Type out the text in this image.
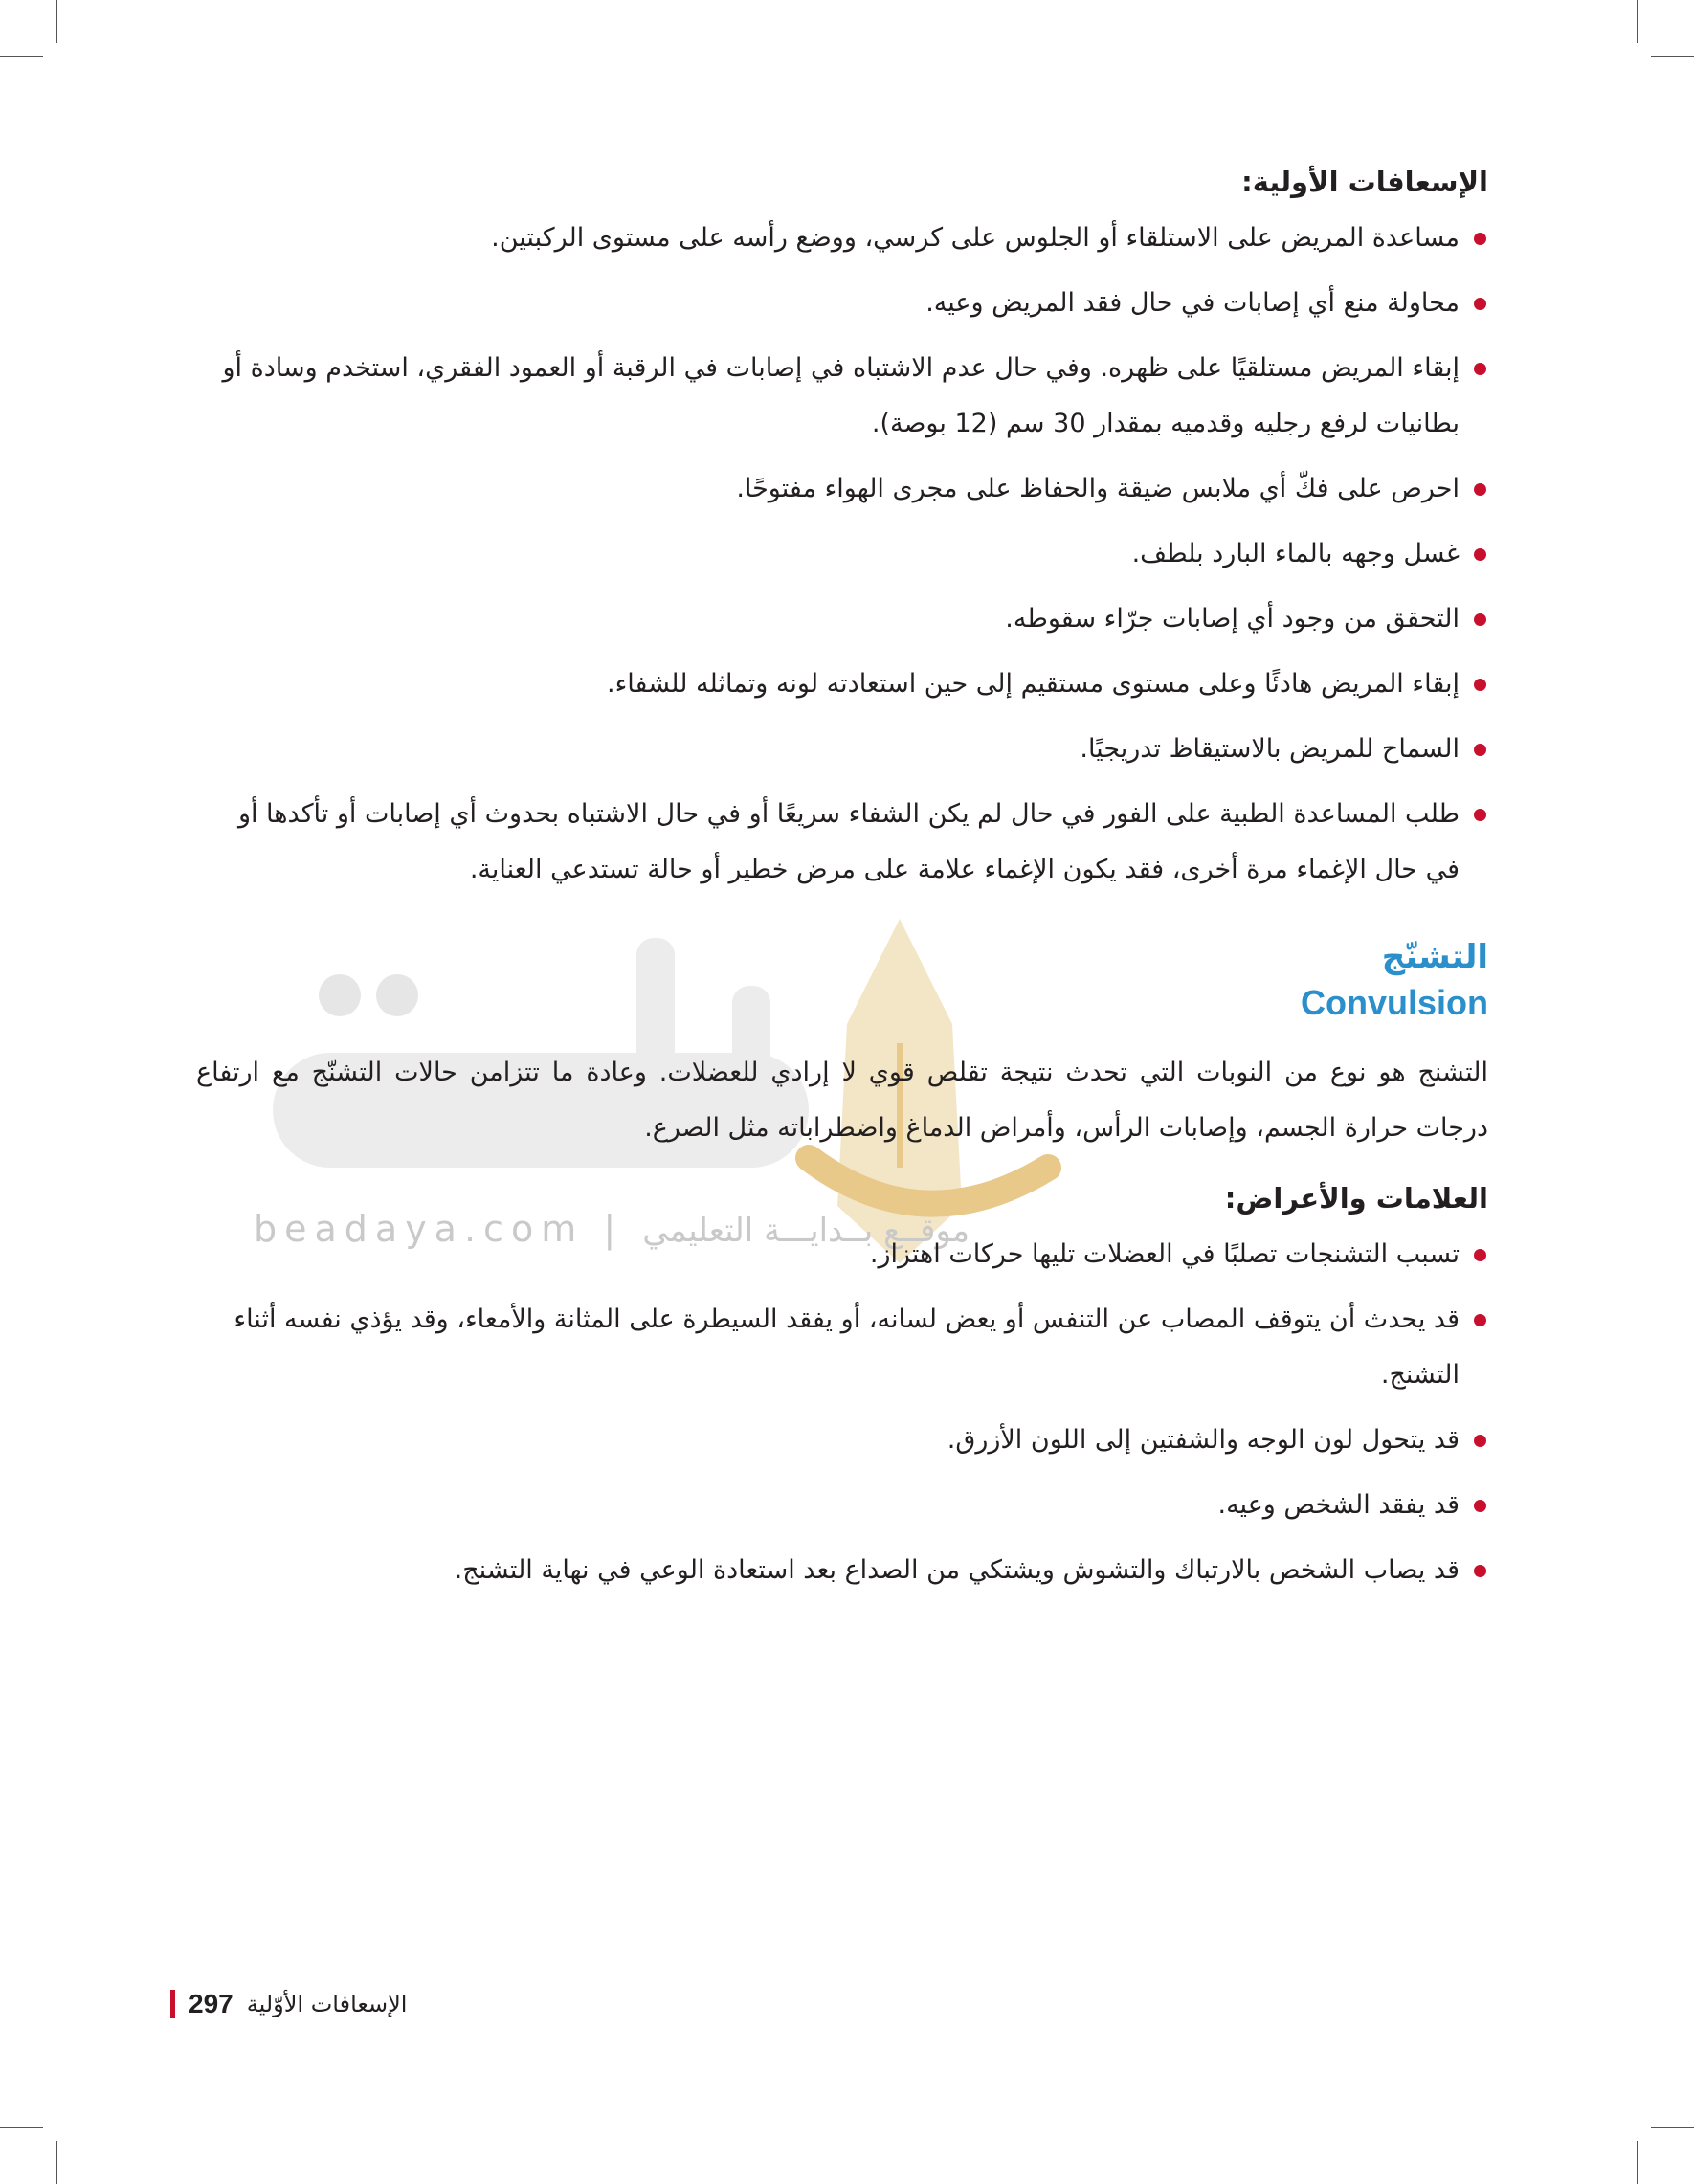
beadaya.com | موقــع بــدايـــة التعليمي
الإسعافات الأولية:
مساعدة المريض على الاستلقاء أو الجلوس على كرسي، ووضع رأسه على مستوى الركبتين.
محاولة منع أي إصابات في حال فقد المريض وعيه.
إبقاء المريض مستلقيًا على ظهره. وفي حال عدم الاشتباه في إصابات في الرقبة أو العمود الفقري، استخدم وسادة أو بطانيات لرفع رجليه وقدميه بمقدار 30 سم (12 بوصة).
احرص على فكّ أي ملابس ضيقة والحفاظ على مجرى الهواء مفتوحًا.
غسل وجهه بالماء البارد بلطف.
التحقق من وجود أي إصابات جرّاء سقوطه.
إبقاء المريض هادئًا وعلى مستوى مستقيم إلى حين استعادته لونه وتماثله للشفاء.
السماح للمريض بالاستيقاظ تدريجيًا.
طلب المساعدة الطبية على الفور في حال لم يكن الشفاء سريعًا أو في حال الاشتباه بحدوث أي إصابات أو تأكدها أو في حال الإغماء مرة أخرى، فقد يكون الإغماء علامة على مرض خطير أو حالة تستدعي العناية.
التشنّج
Convulsion

التشنج هو نوع من النوبات التي تحدث نتيجة تقلص قوي لا إرادي للعضلات. وعادة ما تتزامن حالات التشنّج مع ارتفاع درجات حرارة الجسم، وإصابات الرأس، وأمراض الدماغ واضطراباته مثل الصرع.

العلامات والأعراض:
تسبب التشنجات تصلبًا في العضلات تليها حركات اهتزاز.
قد يحدث أن يتوقف المصاب عن التنفس أو يعض لسانه، أو يفقد السيطرة على المثانة والأمعاء، وقد يؤذي نفسه أثناء التشنج.
قد يتحول لون الوجه والشفتين إلى اللون الأزرق.
قد يفقد الشخص وعيه.
قد يصاب الشخص بالارتباك والتشوش ويشتكي من الصداع بعد استعادة الوعي في نهاية التشنج.
الإسعافات الأوّلية
297
